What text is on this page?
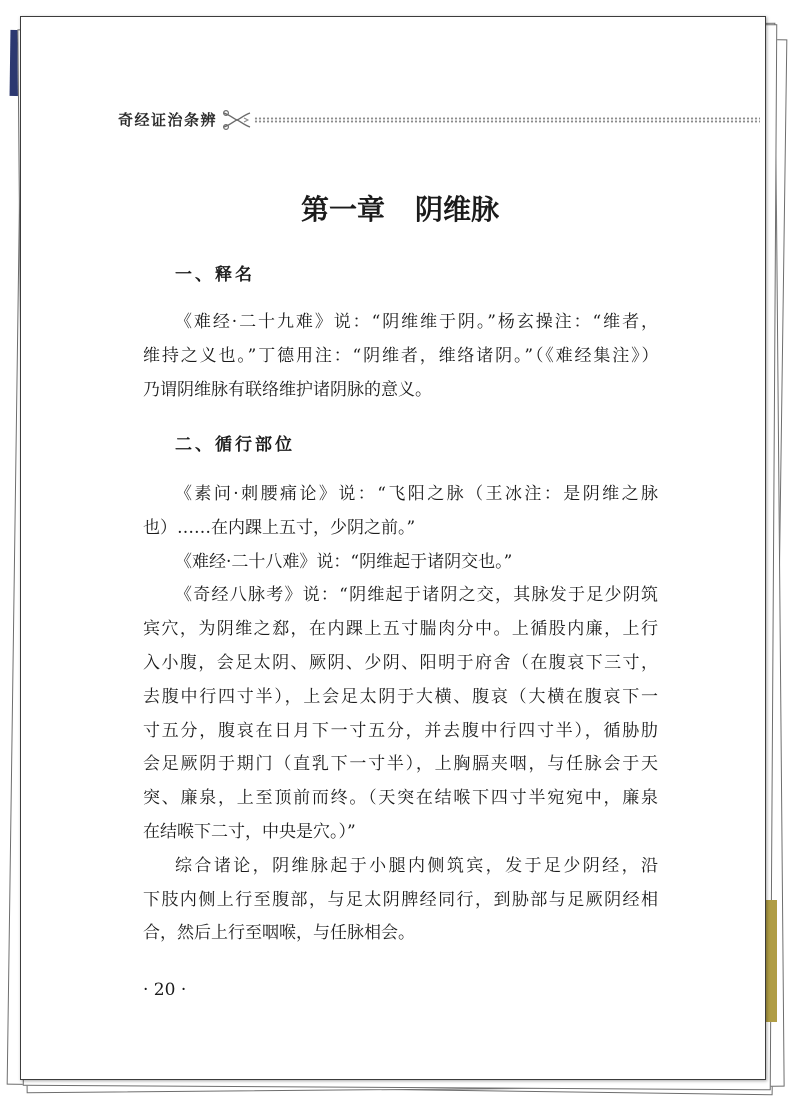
奇经证治条辨
第一章 阴维脉
一、释名
《难经·二十九难》说：“阴维维于阴。”杨玄操注：“维者，
维持之义也。”丁德用注：“阴维者，维络诸阴。”（《难经集注》）
乃谓阴维脉有联络维护诸阴脉的意义。
二、循行部位
《素问·刺腰痛论》说：“飞阳之脉（王冰注：是阴维之脉
也）……在内踝上五寸，少阴之前。”
《难经·二十八难》说：“阴维起于诸阴交也。”
《奇经八脉考》说：“阴维起于诸阴之交，其脉发于足少阴筑
宾穴，为阴维之郄，在内踝上五寸腨肉分中。上循股内廉，上行
入小腹，会足太阴、厥阴、少阴、阳明于府舍（在腹哀下三寸，
去腹中行四寸半），上会足太阴于大横、腹哀（大横在腹哀下一
寸五分，腹哀在日月下一寸五分，并去腹中行四寸半），循胁肋
会足厥阴于期门（直乳下一寸半），上胸膈夹咽，与任脉会于天
突、廉泉，上至顶前而终。（天突在结喉下四寸半宛宛中，廉泉
在结喉下二寸，中央是穴。）”
综合诸论，阴维脉起于小腿内侧筑宾，发于足少阴经，沿
下肢内侧上行至腹部，与足太阴脾经同行，到胁部与足厥阴经相
合，然后上行至咽喉，与任脉相会。
· 20 ·
